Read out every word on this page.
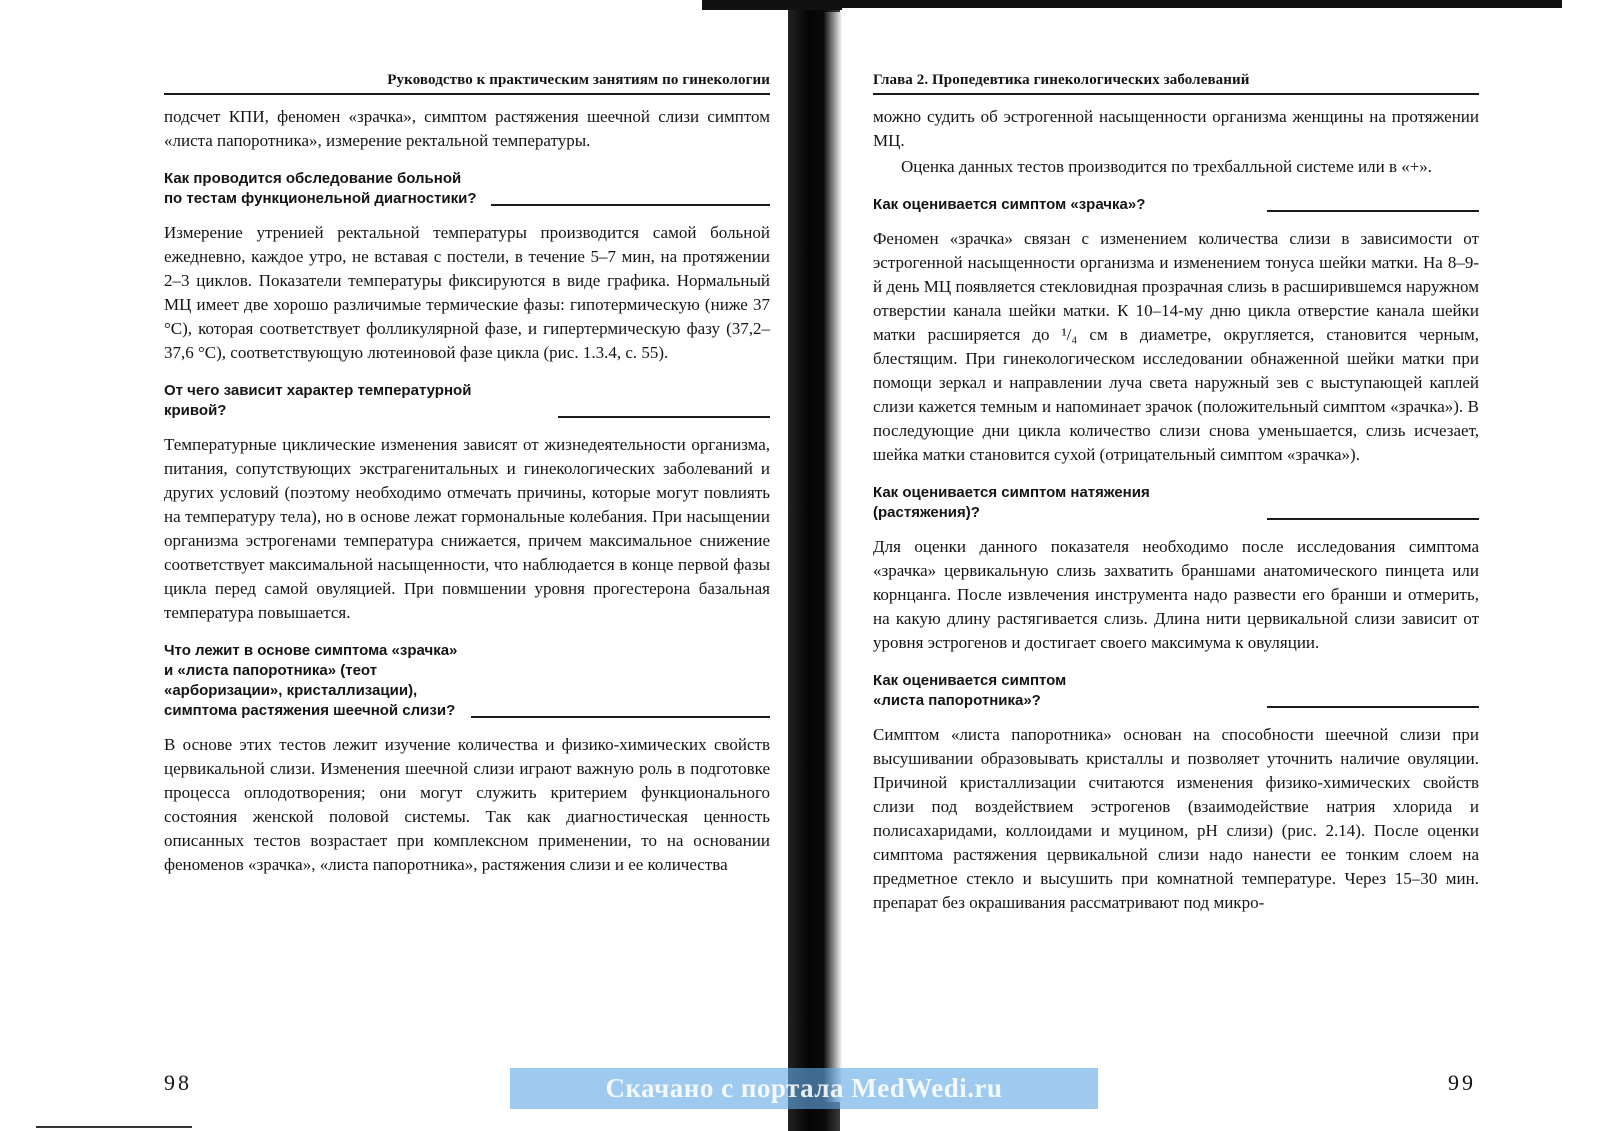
Руководство к практическим занятиям по гинекологии

подсчет КПИ, феномен «зрачка», симптом растяжения шеечной слизи симптом «листа папоротника», измерение ректальной температуры.

Как проводится обследование больной
по тестам функционельной диагностики?

Измерение утренией ректальной температуры производится самой больной ежедневно, каждое утро, не вставая с постели, в течение 5–7 мин, на протяжении 2–3 циклов. Показатели температуры фиксируются в виде графика. Нормальный МЦ имеет две хорошо различимые термические фазы: гипотермическую (ниже 37 °С), которая соответствует фолликулярной фазе, и гипертермическую фазу (37,2–37,6 °С), соответствующую лютеиновой фазе цикла (рис. 1.3.4, с. 55).

От чего зависит характер температурной
кривой?

Температурные циклические изменения зависят от жизнедеятельности организма, питания, сопутствующих экстрагенитальных и гинекологических заболеваний и других условий (поэтому необходимо отмечать причины, которые могут повлиять на температуру тела), но в основе лежат гормональные колебания. При насыщении организма эстрогенами температура снижается, причем максимальное снижение соответствует максимальной насыщенности, что наблюдается в конце первой фазы цикла перед самой овуляцией. При повмшении уровня прогестерона базальная температура повышается.

Что лежит в основе симптома «зрачка»
и «листа папоротника» (теот
«арборизации», кристаллизации),
симптома растяжения шеечной слизи?

В основе этих тестов лежит изучение количества и физико-химических свойств цервикальной слизи. Изменения шеечной слизи играют важную роль в подготовке процесса оплодотворения; они могут служить критерием функционального состояния женской половой системы. Так как диагностическая ценность описанных тестов возрастает при комплексном применении, то на основании феноменов «зрачка», «листа папоротника», растяжения слизи и ее количества

Глава 2. Пропедевтика гинекологических заболеваний

можно судить об эстрогенной насыщенности организма женщины на протяжении МЦ.

Оценка данных тестов производится по трехбалльной системе или в «+».

Как оценивается симптом «зрачка»?

Феномен «зрачка» связан с изменением количества слизи в зависимости от эстрогенной насыщенности организма и изменением тонуса шейки матки. На 8–9-й день МЦ появляется стекловидная прозрачная слизь в расширившемся наружном отверстии канала шейки матки. К 10–14-му дню цикла отверстие канала шейки матки расширяется до ¹/₄ см в диаметре, округляется, становится черным, блестящим. При гинекологическом исследовании обнаженной шейки матки при помощи зеркал и направлении луча света наружный зев с выступающей каплей слизи кажется темным и напоминает зрачок (положительный симптом «зрачка»). В последующие дни цикла количество слизи снова уменьшается, слизь исчезает, шейка матки становится сухой (отрицательный симптом «зрачка»).

Как оценивается симптом натяжения
(растяжения)?

Для оценки данного показателя необходимо после исследования симптома «зрачка» цервикальную слизь захватить браншами анатомического пинцета или корнцанга. После извлечения инструмента надо развести его бранши и отмерить, на какую длину растягивается слизь. Длина нити цервикальной слизи зависит от уровня эстрогенов и достигает своего максимума к овуляции.

Как оценивается симптом
«листа папоротника»?

Симптом «листа папоротника» основан на способности шеечной слизи при высушивании образовывать кристаллы и позволяет уточнить наличие овуляции. Причиной кристаллизации считаются изменения физико-химических свойств слизи под воздействием эстрогенов (взаимодействие натрия хлорида и полисахаридами, коллоидами и муцином, pH слизи) (рис. 2.14). После оценки симптома растяжения цервикальной слизи надо нанести ее тонким слоем на предметное стекло и высушить при комнатной температуре. Через 15–30 мин. препарат без окрашивания рассматривают под микро-

98	99
Скачано с портала MedWedi.ru
